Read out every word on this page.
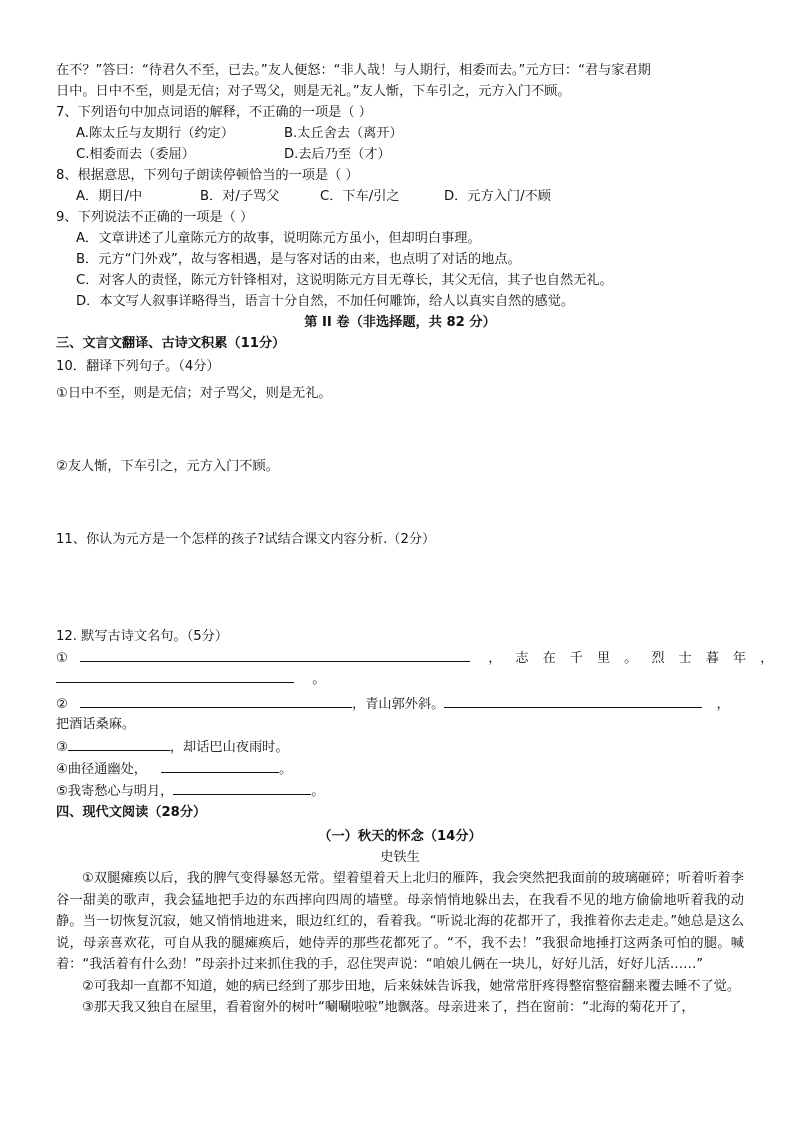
在不？”答曰：“待君久不至，已去。”友人便怒：“非人哉！与人期行，相委而去。”元方曰：“君与家君期
日中。日中不至，则是无信；对子骂父，则是无礼。”友人惭，下车引之，元方入门不顾。
7、下列语句中加点词语的解释，不正确的一项是（ ）
A.陈太丘与友期行（约定）	B.太丘舍去（离开）
C.相委而去（委屈）	D.去后乃至（才）
8、根据意思，下列句子朗读停顿恰当的一项是（ ）
A．期日/中	B．对/子骂父	C．下车/引之	D．元方入门/不顾
9、下列说法不正确的一项是（ ）
A．文章讲述了儿童陈元方的故事，说明陈元方虽小，但却明白事理。
B．元方“门外戏”，故与客相遇，是与客对话的由来，也点明了对话的地点。
C．对客人的责怪，陈元方针锋相对，这说明陈元方目无尊长，其父无信，其子也自然无礼。
D．本文写人叙事详略得当，语言十分自然，不加任何雕饰，给人以真实自然的感觉。
第 II 卷（非选择题，共 82 分）
三、文言文翻译、古诗文积累（11分）
10．翻译下列句子。（4分）
①日中不至，则是无信；对子骂父，则是无礼。
②友人惭，下车引之，元方入门不顾。
11、你认为元方是一个怎样的孩子?试结合课文内容分析.（2分）
12. 默写古诗文名句。（5分）
①	，志在千里。烈士暮年，
。
②	，青山郭外斜。	，
把酒话桑麻。
③	，却话巴山夜雨时。
④曲径通幽处，	。
⑤我寄愁心与明月，	。
四、现代文阅读（28分）
（一）秋天的怀念（14分）
史铁生
①双腿瘫痪以后，我的脾气变得暴怒无常。望着望着天上北归的雁阵，我会突然把我面前的玻璃砸碎；听着听着李谷一甜美的歌声，我会猛地把手边的东西摔向四周的墙壁。母亲悄悄地躲出去，在我看不见的地方偷偷地听着我的动静。当一切恢复沉寂，她又悄悄地进来，眼边红红的，看着我。“听说北海的花都开了，我推着你去走走。”她总是这么说，母亲喜欢花，可自从我的腿瘫痪后，她侍弄的那些花都死了。“不，我不去！”我狠命地捶打这两条可怕的腿。喊着：“我活着有什么劲！”母亲扑过来抓住我的手，忍住哭声说：“咱娘儿俩在一块儿，好好儿活，好好儿活……”
②可我却一直都不知道，她的病已经到了那步田地，后来妹妹告诉我，她常常肝疼得整宿整宿翻来覆去睡不了觉。
③那天我又独自在屋里，看着窗外的树叶“唰唰啦啦”地飘落。母亲进来了，挡在窗前：“北海的菊花开了，
